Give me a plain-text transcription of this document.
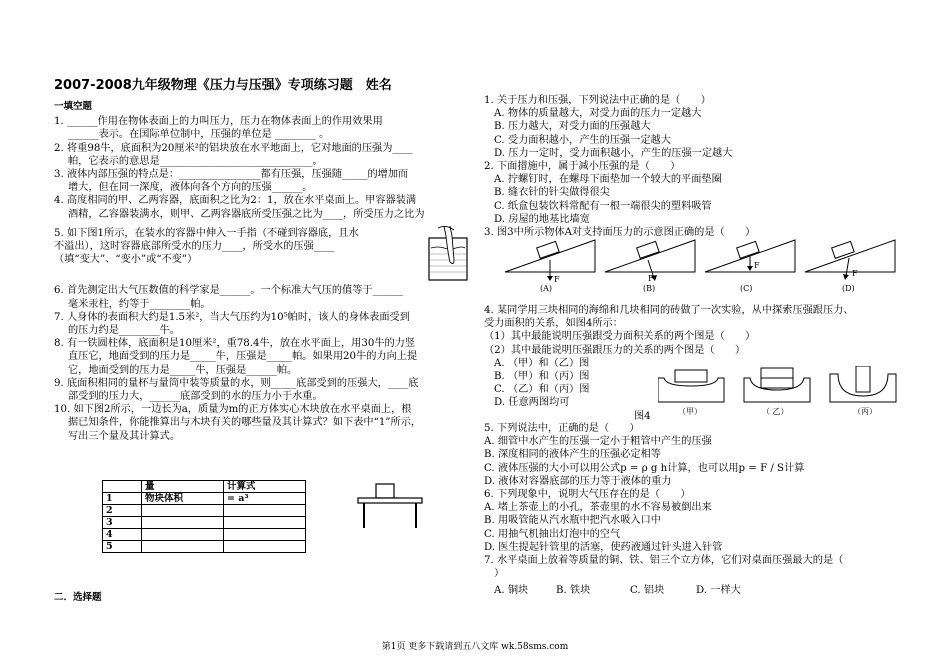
2007-2008九年级物理《压力与压强》专项练习题　姓名
一填空题

1. ______作用在物体表面上的力叫压力，压力在物体表面上的作用效果用

______表示。在国际单位制中，压强的单位是 ________ 。

2. 将重98牛，底面积为20厘米²的铝块放在水平地面上，它对地面的压强为____

帕，它表示的意思是______________________________。

3. 液体内部压强的特点是：________________都有压强，压强随_____的增加而

增大，但在同一深度，液体向各个方向的压强______。

4. 高度相同的甲、乙两容器，底面积之比为2：1，放在水平桌面上。甲容器装满

酒精，乙容器装满水，则甲、乙两容器底所受压强之比为____，所受压力之比为

5. 如下图1所示，在装水的容器中伸入一手指（不碰到容器底，且水

不溢出），这时容器底部所受水的压力____，所受水的压强____

（填“变大”、“变小”或“不变”）

6. 首先测定出大气压数值的科学家是______。一个标准大气压的值等于______

毫米汞柱，约等于________帕。

7. 人身体的表面积大约是1.5米²，当大气压约为10⁵帕时，该人的身体表面受到

的压力约是________牛。

8. 有一铁圆柱体，底面积是10厘米²，重78.4牛，放在水平面上，用30牛的力竖

直压它，地面受到的压力是_____牛，压强是_____帕。如果用20牛的力向上提

它，地面受到的压力是_____牛，压强是______帕。

9. 底面积相同的量杯与量筒中装等质量的水，则_____底部受到的压强大，____底

部受到的压力大，______底部受到的水的压力小于水重。

10. 如下图2所示，一边长为a，质量为m的正方体实心木块放在水平桌面上，根

据已知条件，你能推算出与木块有关的哪些量及其计算式？如下表中“1”所示，

写出三个量及其计算式。

	量	计算式
1	物块体积	= a³
2		
3		
4		
5		
二．选择题

1. 关于压力和压强，下列说法中正确的是（　　）

A. 物体的质量越大，对受力面的压力一定越大

B. 压力越大，对受力面的压强越大

C. 受力面积越小，产生的压强一定越大

D. 压力一定时，受力面积越小，产生的压强一定越大

2. 下面措施中，属于减小压强的是（　　）

A. 拧螺钉时，在螺母下面垫加一个较大的平面垫圈

B. 缝衣针的针尖做得很尖

C. 纸盒包装饮料常配有一根一端很尖的塑料吸管

D. 房屋的地基比墙宽

3. 图3中所示物体A对支持面压力的示意图正确的是（　　）

F
(A)
F
(B)
F
(C)
F
(D)

4. 某同学用三块相同的海绵和几块相同的砖做了一次实验，从中探索压强跟压力、

受力面积的关系，如图4所示：

（1）其中最能说明压强跟受力面积关系的两个图是（　　）

（2）其中最能说明压强跟压力的关系的两个图是（　　）

A. （甲）和（乙）图

B. （甲）和（丙）图

C. （乙）和（丙）图

D. 任意两图均可

图4	（甲）	（ 乙）	（丙）

5. 下列说法中，正确的是（　　）

A. 细管中水产生的压强一定小于粗管中产生的压强

B. 深度相同的液体产生的压强必定相等

C. 液体压强的大小可以用公式p = ρ g h计算，也可以用p = F / S计算

D. 液体对容器底部的压力等于液体的重力

6. 下列现象中，说明大气压存在的是（　　）

A. 堵上茶壶上的小孔，茶壶里的水不容易被倒出来

B. 用吸管能从汽水瓶中把汽水吸入口中

C. 用抽气机抽出灯泡中的空气

D. 医生提起针管里的活塞，使药液通过针头进入针管

7. 水平桌面上放着等质量的铜、铁、铝三个立方体，它们对桌面压强最大的是（

）

A. 铜块	B. 铁块	C. 铝块	D. 一样大
第1页 更多下载请到五八文库 wk.58sms.com
